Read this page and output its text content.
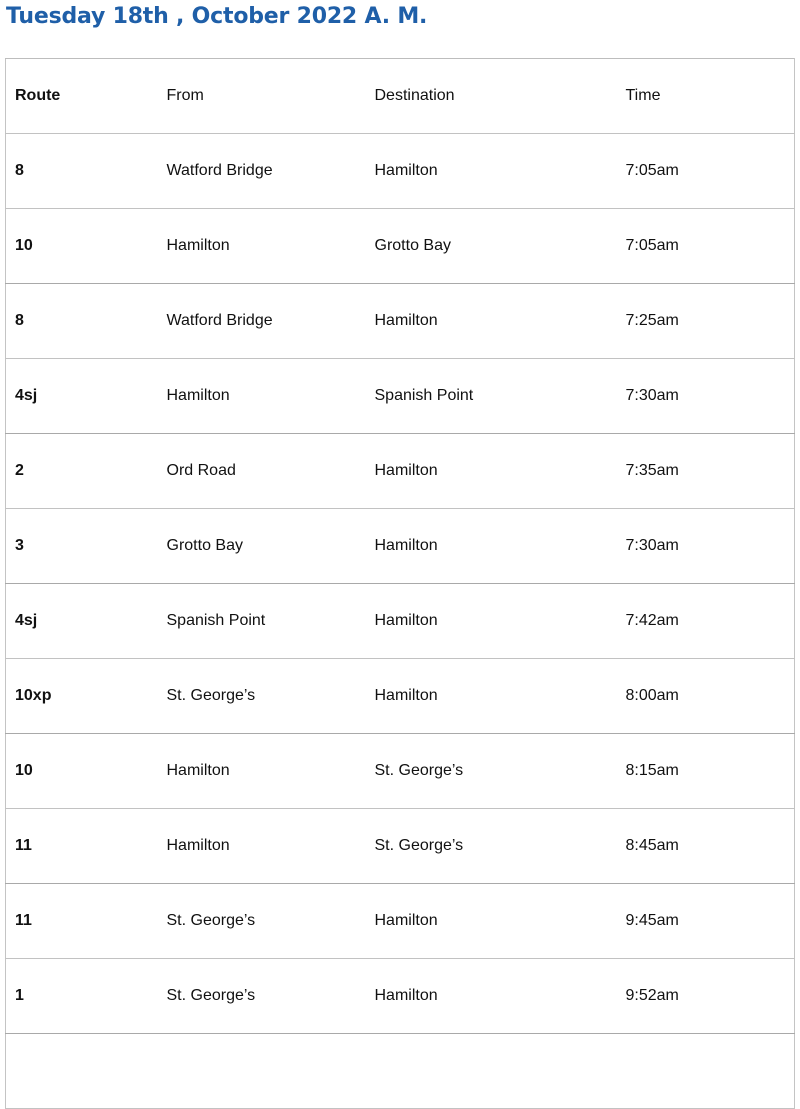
Tuesday 18th , October 2022 A. M.
Route	From	Destination	Time
8	Watford Bridge	Hamilton	7:05am
10	Hamilton	Grotto Bay	7:05am
8	Watford Bridge	Hamilton	7:25am
4sj	Hamilton	Spanish Point	7:30am
2	Ord Road	Hamilton	7:35am
3	Grotto Bay	Hamilton	7:30am
4sj	Spanish Point	Hamilton	7:42am
10xp	St. George’s	Hamilton	8:00am
10	Hamilton	St. George’s	8:15am
11	Hamilton	St. George’s	8:45am
11	St. George’s	Hamilton	9:45am
1	St. George’s	Hamilton	9:52am
